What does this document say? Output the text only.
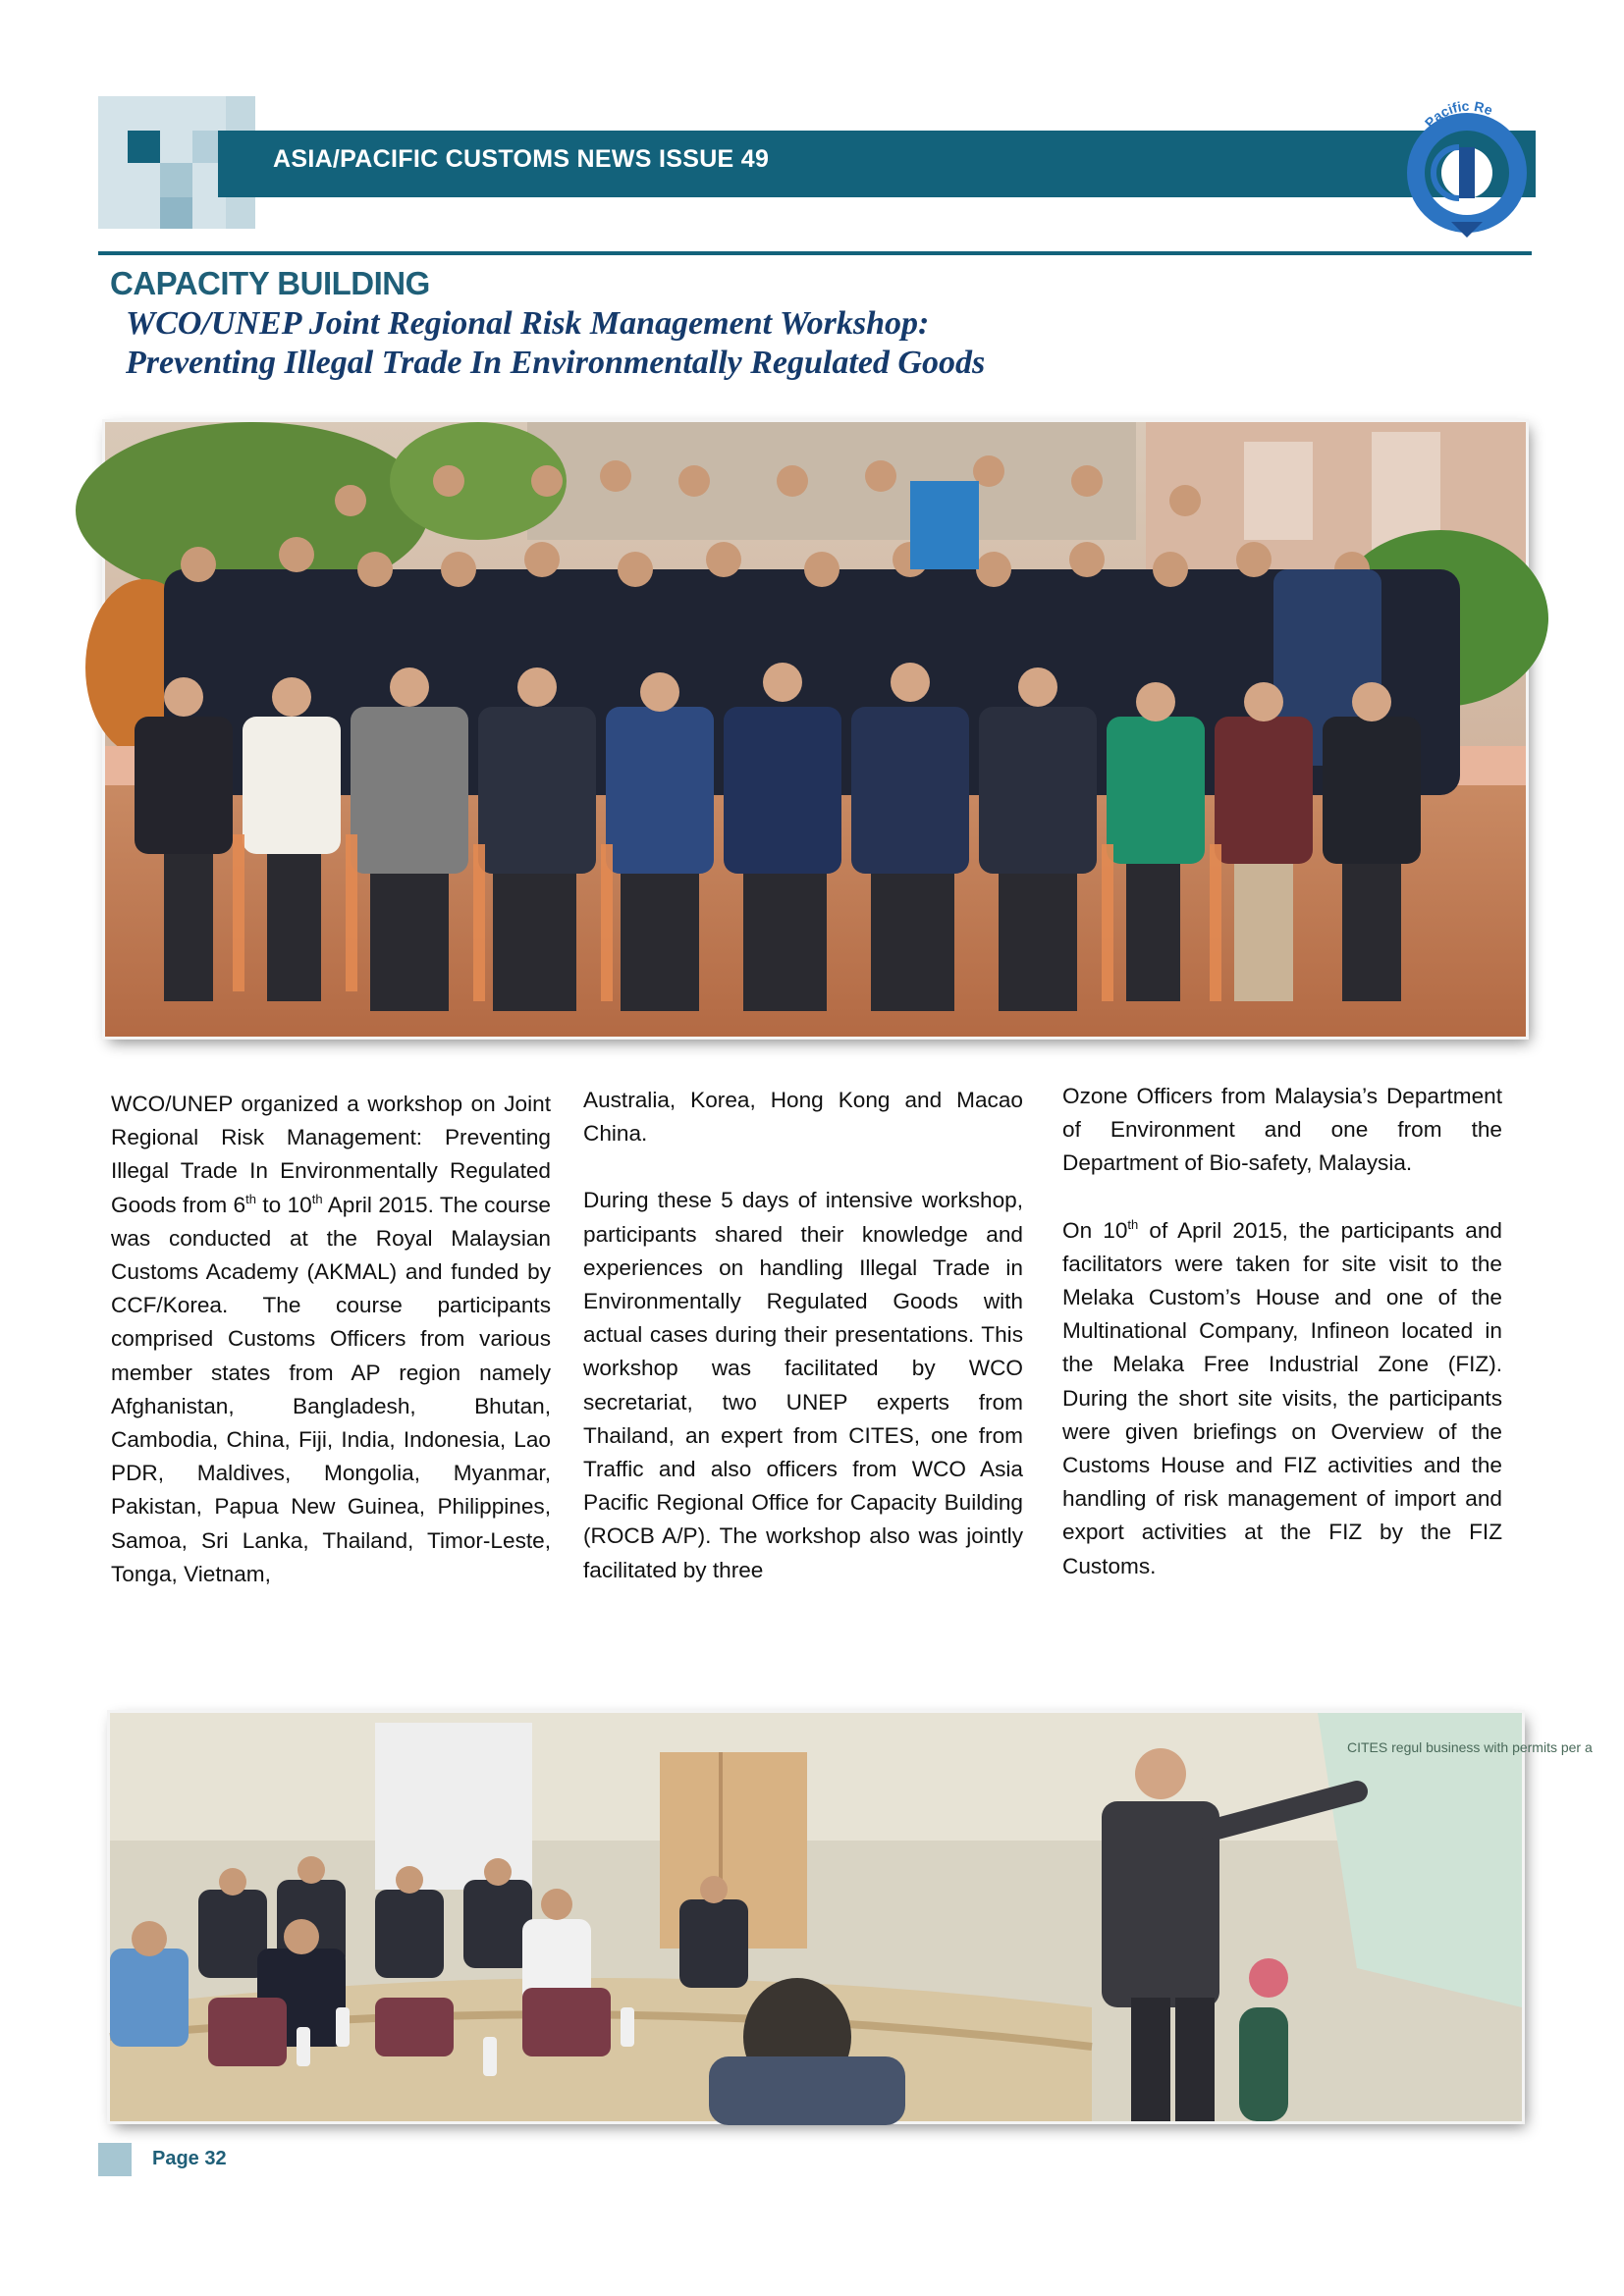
ASIA/PACIFIC CUSTOMS NEWS ISSUE 49
Pacific Re
CAPACITY BUILDING
WCO/UNEP Joint Regional Risk Management Workshop:
Preventing Illegal Trade In Environmentally Regulated Goods

WCO/UNEP organized a workshop on Joint Regional Risk Management: Preventing Illegal Trade In Environmentally Regulated Goods from 6th to 10th April 2015. The course was conducted at the Royal Malaysian Customs Academy (AKMAL) and funded by CCF/Korea. The course participants comprised Customs Officers from various member states from AP region namely Afghanistan, Bangladesh, Bhutan, Cambodia, China, Fiji, India, Indonesia, Lao PDR, Maldives, Mongolia, Myanmar, Pakistan, Papua New Guinea, Philippines, Samoa, Sri Lanka, Thailand, Timor-Leste, Tonga, Vietnam,

Australia, Korea, Hong Kong and Macao China.

During these 5 days of intensive workshop, participants shared their knowledge and experiences on handling Illegal Trade in Environmentally Regulated Goods with actual cases during their presentations. This workshop was facilitated by WCO secretariat, two UNEP experts from Thailand, an expert from CITES, one from Traffic and also officers from WCO Asia Pacific Regional Office for Capacity Building (ROCB A/P). The workshop also was jointly facilitated by three

Ozone Officers from Malaysia’s Department of Environment and one from the Department of Bio-safety, Malaysia.

On 10th of April 2015, the participants and facilitators were taken for site visit to the Melaka Custom’s House and one of the Multinational Company, Infineon located in the Melaka Free Industrial Zone (FIZ). During the short site visits, the participants were given briefings on Overview of the Customs House and FIZ activities and the handling of risk management of import and export activities at the FIZ by the FIZ Customs.

CITES regul business with permits per a
Page 32
